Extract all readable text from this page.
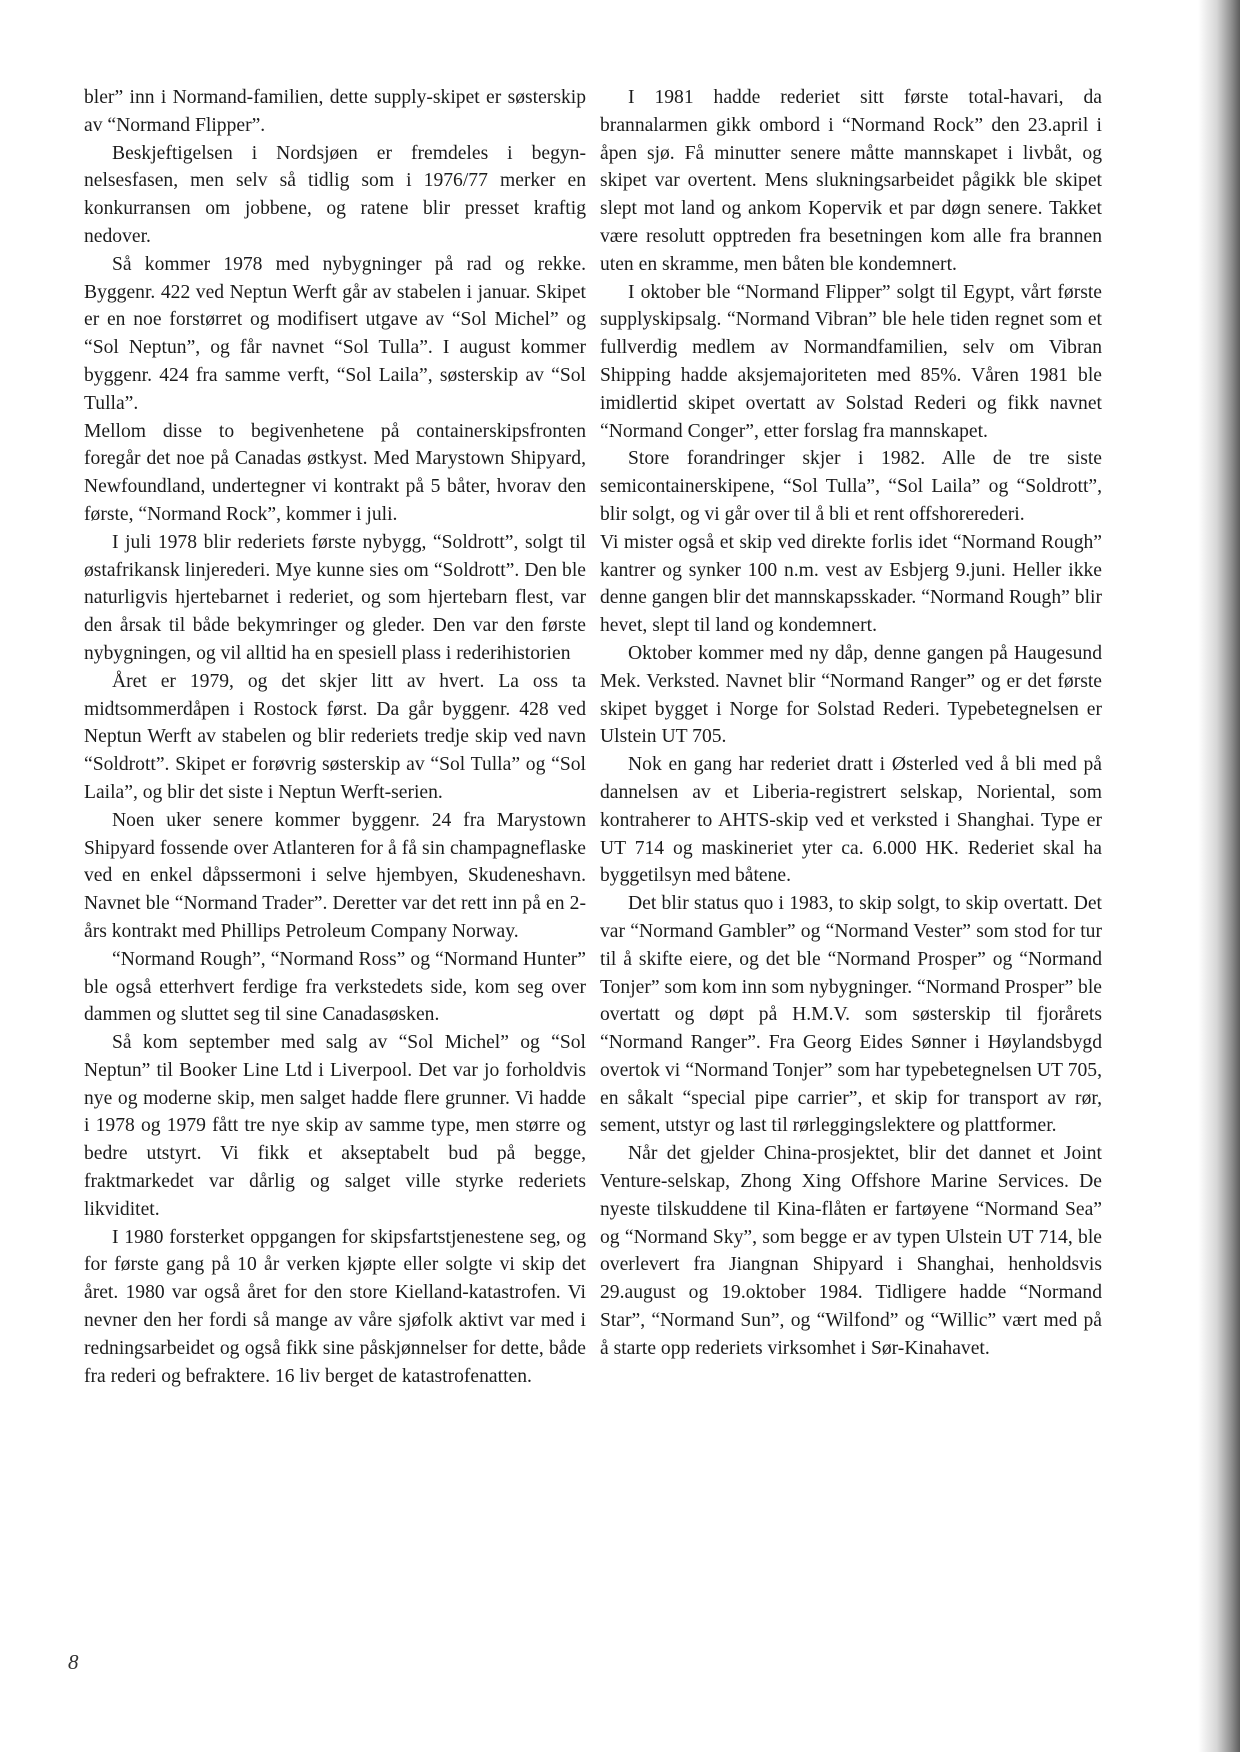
bler” inn i Normand-familien, dette supply-skipet er søsterskip av “Normand Flipper”.

Beskjeftigelsen i Nordsjøen er fremdeles i begynnelsesfasen, men selv så tidlig som i 1976/77 merker en konkurransen om jobbene, og ratene blir presset kraftig nedover.

Så kommer 1978 med nybygninger på rad og rekke. Byggenr. 422 ved Neptun Werft går av stabelen i januar. Skipet er en noe forstørret og modifisert utgave av “Sol Michel” og “Sol Neptun”, og får navnet “Sol Tulla”. I august kommer byggenr. 424 fra samme verft, “Sol Laila”, søsterskip av “Sol Tulla”.

Mellom disse to begivenhetene på containerskipsfronten foregår det noe på Canadas østkyst. Med Marystown Shipyard, Newfoundland, undertegner vi kontrakt på 5 båter, hvorav den første, “Normand Rock”, kommer i juli.

I juli 1978 blir rederiets første nybygg, “Soldrott”, solgt til østafrikansk linjerederi. Mye kunne sies om “Soldrott”. Den ble naturligvis hjertebarnet i rederiet, og som hjertebarn flest, var den årsak til både bekymringer og gleder. Den var den første nybygningen, og vil alltid ha en spesiell plass i rederihistorien

Året er 1979, og det skjer litt av hvert. La oss ta midtsommerdåpen i Rostock først. Da går byggenr. 428 ved Neptun Werft av stabelen og blir rederiets tredje skip ved navn “Soldrott”. Skipet er forøvrig søsterskip av “Sol Tulla” og “Sol Laila”, og blir det siste i Neptun Werft-serien.

Noen uker senere kommer byggenr. 24 fra Marystown Shipyard fossende over Atlanteren for å få sin champagneflaske ved en enkel dåpssermoni i selve hjembyen, Skudeneshavn. Navnet ble “Normand Trader”. Deretter var det rett inn på en 2-års kontrakt med Phillips Petroleum Company Norway.

“Normand Rough”, “Normand Ross” og “Normand Hunter” ble også etterhvert ferdige fra verkstedets side, kom seg over dammen og sluttet seg til sine Canadasøsken.

Så kom september med salg av “Sol Michel” og “Sol Neptun” til Booker Line Ltd i Liverpool. Det var jo forholdvis nye og moderne skip, men salget hadde flere grunner. Vi hadde i 1978 og 1979 fått tre nye skip av samme type, men større og bedre utstyrt. Vi fikk et akseptabelt bud på begge, fraktmarkedet var dårlig og salget ville styrke rederiets likviditet.

I 1980 forsterket oppgangen for skipsfartstjenestene seg, og for første gang på 10 år verken kjøpte eller solgte vi skip det året. 1980 var også året for den store Kielland-katastrofen. Vi nevner den her fordi så mange av våre sjøfolk aktivt var med i redningsarbeidet og også fikk sine påskjønnelser for dette, både fra rederi og befraktere. 16 liv berget de katastrofenatten.

I 1981 hadde rederiet sitt første total-havari, da brannalarmen gikk ombord i “Normand Rock” den 23.april i åpen sjø. Få minutter senere måtte mannskapet i livbåt, og skipet var overtent. Mens slukningsarbeidet pågikk ble skipet slept mot land og ankom Kopervik et par døgn senere. Takket være resolutt opptreden fra besetningen kom alle fra brannen uten en skramme, men båten ble kondemnert.

I oktober ble “Normand Flipper” solgt til Egypt, vårt første supplyskipsalg. “Normand Vibran” ble hele tiden regnet som et fullverdig medlem av Normandfamilien, selv om Vibran Shipping hadde aksjemajoriteten med 85%. Våren 1981 ble imidlertid skipet overtatt av Solstad Rederi og fikk navnet “Normand Conger”, etter forslag fra mannskapet.

Store forandringer skjer i 1982. Alle de tre siste semicontainerskipene, “Sol Tulla”, “Sol Laila” og “Soldrott”, blir solgt, og vi går over til å bli et rent offshorerederi.

Vi mister også et skip ved direkte forlis idet “Normand Rough” kantrer og synker 100 n.m. vest av Esbjerg 9.juni. Heller ikke denne gangen blir det mannskapsskader. “Normand Rough” blir hevet, slept til land og kondemnert.

Oktober kommer med ny dåp, denne gangen på Haugesund Mek. Verksted. Navnet blir “Normand Ranger” og er det første skipet bygget i Norge for Solstad Rederi. Typebetegnelsen er Ulstein UT 705.

Nok en gang har rederiet dratt i Østerled ved å bli med på dannelsen av et Liberia-registrert selskap, Noriental, som kontraherer to AHTS-skip ved et verksted i Shanghai. Type er UT 714 og maskineriet yter ca. 6.000 HK. Rederiet skal ha byggetilsyn med båtene.

Det blir status quo i 1983, to skip solgt, to skip overtatt. Det var “Normand Gambler” og “Normand Vester” som stod for tur til å skifte eiere, og det ble “Normand Prosper” og “Normand Tonjer” som kom inn som nybygninger. “Normand Prosper” ble overtatt og døpt på H.M.V. som søsterskip til fjorårets “Normand Ranger”. Fra Georg Eides Sønner i Høylandsbygd overtok vi “Normand Tonjer” som har typebetegnelsen UT 705, en såkalt “special pipe carrier”, et skip for transport av rør, sement, utstyr og last til rørleggingslektere og plattformer.

Når det gjelder China-prosjektet, blir det dannet et Joint Venture-selskap, Zhong Xing Offshore Marine Services. De nyeste tilskuddene til Kina-flåten er fartøyene “Normand Sea” og “Normand Sky”, som begge er av typen Ulstein UT 714, ble overlevert fra Jiangnan Shipyard i Shanghai, henholdsvis 29.august og 19.oktober 1984. Tidligere hadde “Normand Star”, “Normand Sun”, og “Wilfond” og “Willic” vært med på å starte opp rederiets virksomhet i Sør-Kinahavet.

8
